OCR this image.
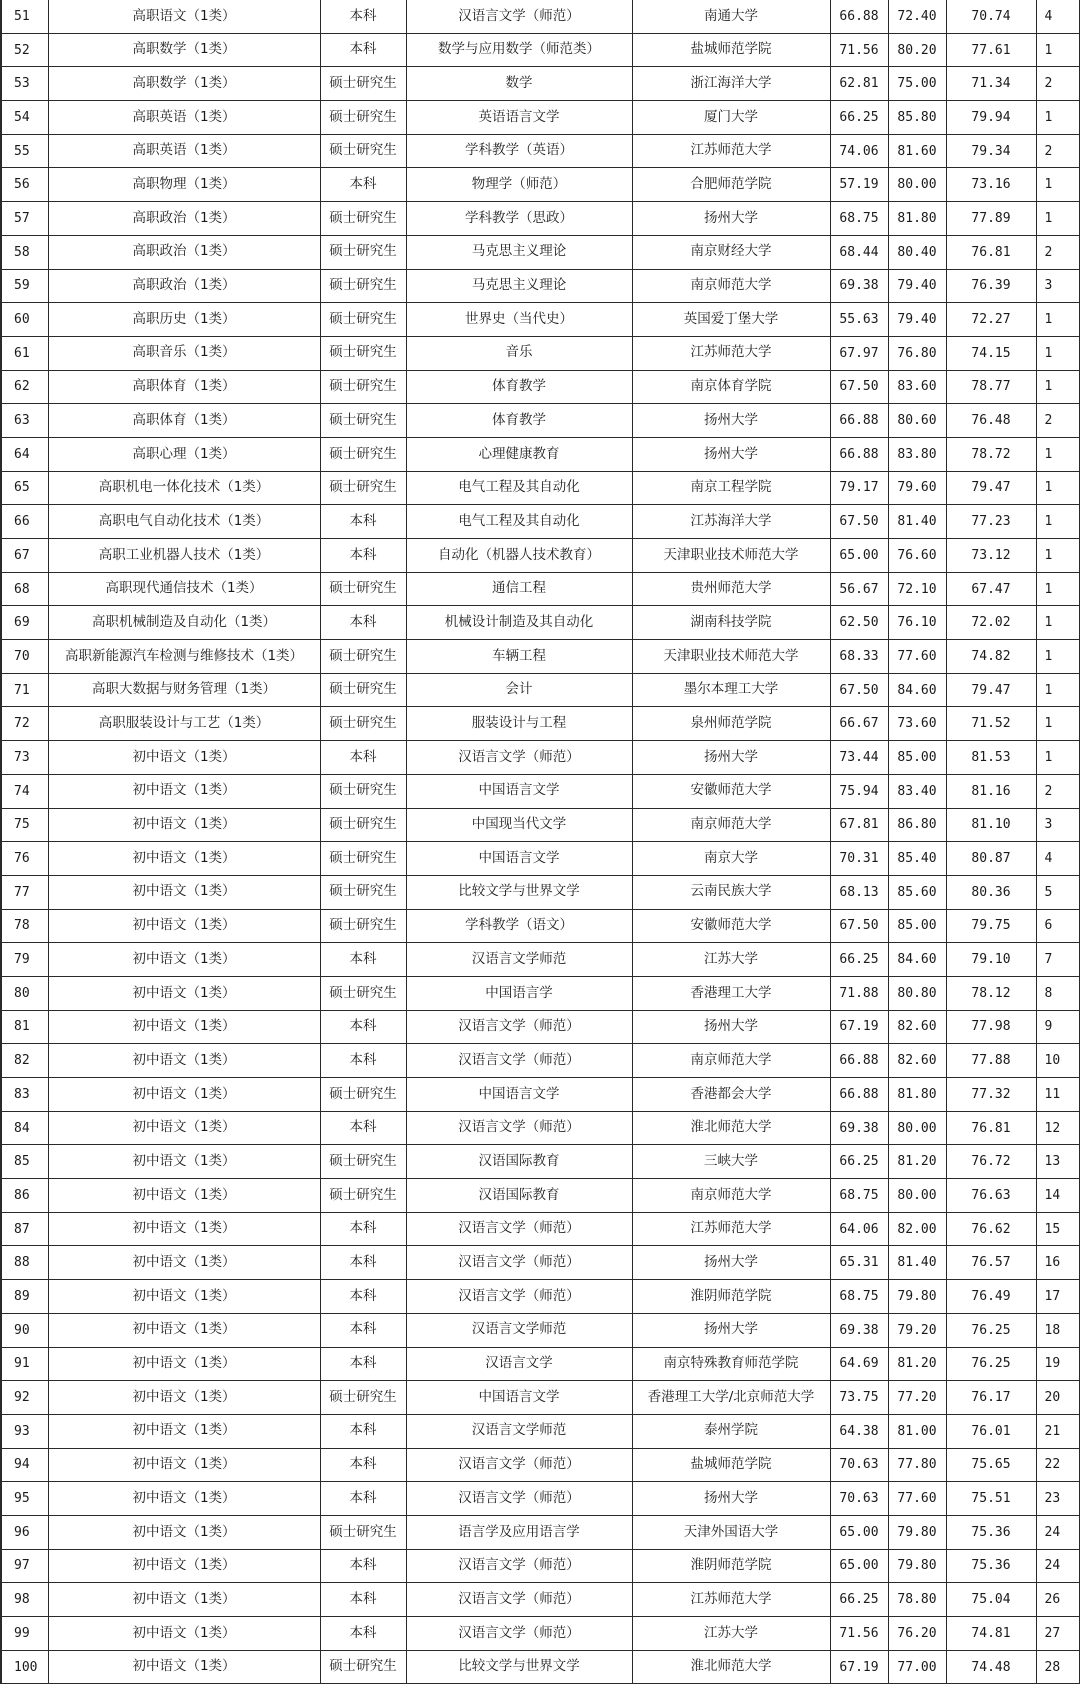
51	高职语文（1类）	本科	汉语言文学（师范）	南通大学	66.88	72.40	70.74	4
52	高职数学（1类）	本科	数学与应用数学（师范类）	盐城师范学院	71.56	80.20	77.61	1
53	高职数学（1类）	硕士研究生	数学	浙江海洋大学	62.81	75.00	71.34	2
54	高职英语（1类）	硕士研究生	英语语言文学	厦门大学	66.25	85.80	79.94	1
55	高职英语（1类）	硕士研究生	学科教学（英语）	江苏师范大学	74.06	81.60	79.34	2
56	高职物理（1类）	本科	物理学（师范）	合肥师范学院	57.19	80.00	73.16	1
57	高职政治（1类）	硕士研究生	学科教学（思政）	扬州大学	68.75	81.80	77.89	1
58	高职政治（1类）	硕士研究生	马克思主义理论	南京财经大学	68.44	80.40	76.81	2
59	高职政治（1类）	硕士研究生	马克思主义理论	南京师范大学	69.38	79.40	76.39	3
60	高职历史（1类）	硕士研究生	世界史（当代史）	英国爱丁堡大学	55.63	79.40	72.27	1
61	高职音乐（1类）	硕士研究生	音乐	江苏师范大学	67.97	76.80	74.15	1
62	高职体育（1类）	硕士研究生	体育教学	南京体育学院	67.50	83.60	78.77	1
63	高职体育（1类）	硕士研究生	体育教学	扬州大学	66.88	80.60	76.48	2
64	高职心理（1类）	硕士研究生	心理健康教育	扬州大学	66.88	83.80	78.72	1
65	高职机电一体化技术（1类）	硕士研究生	电气工程及其自动化	南京工程学院	79.17	79.60	79.47	1
66	高职电气自动化技术（1类）	本科	电气工程及其自动化	江苏海洋大学	67.50	81.40	77.23	1
67	高职工业机器人技术（1类）	本科	自动化（机器人技术教育）	天津职业技术师范大学	65.00	76.60	73.12	1
68	高职现代通信技术（1类）	硕士研究生	通信工程	贵州师范大学	56.67	72.10	67.47	1
69	高职机械制造及自动化（1类）	本科	机械设计制造及其自动化	湖南科技学院	62.50	76.10	72.02	1
70	高职新能源汽车检测与维修技术（1类）	硕士研究生	车辆工程	天津职业技术师范大学	68.33	77.60	74.82	1
71	高职大数据与财务管理（1类）	硕士研究生	会计	墨尔本理工大学	67.50	84.60	79.47	1
72	高职服装设计与工艺（1类）	硕士研究生	服装设计与工程	泉州师范学院	66.67	73.60	71.52	1
73	初中语文（1类）	本科	汉语言文学（师范）	扬州大学	73.44	85.00	81.53	1
74	初中语文（1类）	硕士研究生	中国语言文学	安徽师范大学	75.94	83.40	81.16	2
75	初中语文（1类）	硕士研究生	中国现当代文学	南京师范大学	67.81	86.80	81.10	3
76	初中语文（1类）	硕士研究生	中国语言文学	南京大学	70.31	85.40	80.87	4
77	初中语文（1类）	硕士研究生	比较文学与世界文学	云南民族大学	68.13	85.60	80.36	5
78	初中语文（1类）	硕士研究生	学科教学（语文）	安徽师范大学	67.50	85.00	79.75	6
79	初中语文（1类）	本科	汉语言文学师范	江苏大学	66.25	84.60	79.10	7
80	初中语文（1类）	硕士研究生	中国语言学	香港理工大学	71.88	80.80	78.12	8
81	初中语文（1类）	本科	汉语言文学（师范）	扬州大学	67.19	82.60	77.98	9
82	初中语文（1类）	本科	汉语言文学（师范）	南京师范大学	66.88	82.60	77.88	10
83	初中语文（1类）	硕士研究生	中国语言文学	香港都会大学	66.88	81.80	77.32	11
84	初中语文（1类）	本科	汉语言文学（师范）	淮北师范大学	69.38	80.00	76.81	12
85	初中语文（1类）	硕士研究生	汉语国际教育	三峡大学	66.25	81.20	76.72	13
86	初中语文（1类）	硕士研究生	汉语国际教育	南京师范大学	68.75	80.00	76.63	14
87	初中语文（1类）	本科	汉语言文学（师范）	江苏师范大学	64.06	82.00	76.62	15
88	初中语文（1类）	本科	汉语言文学（师范）	扬州大学	65.31	81.40	76.57	16
89	初中语文（1类）	本科	汉语言文学（师范）	淮阴师范学院	68.75	79.80	76.49	17
90	初中语文（1类）	本科	汉语言文学师范	扬州大学	69.38	79.20	76.25	18
91	初中语文（1类）	本科	汉语言文学	南京特殊教育师范学院	64.69	81.20	76.25	19
92	初中语文（1类）	硕士研究生	中国语言文学	香港理工大学/北京师范大学	73.75	77.20	76.17	20
93	初中语文（1类）	本科	汉语言文学师范	泰州学院	64.38	81.00	76.01	21
94	初中语文（1类）	本科	汉语言文学（师范）	盐城师范学院	70.63	77.80	75.65	22
95	初中语文（1类）	本科	汉语言文学（师范）	扬州大学	70.63	77.60	75.51	23
96	初中语文（1类）	硕士研究生	语言学及应用语言学	天津外国语大学	65.00	79.80	75.36	24
97	初中语文（1类）	本科	汉语言文学（师范）	淮阴师范学院	65.00	79.80	75.36	24
98	初中语文（1类）	本科	汉语言文学（师范）	江苏师范大学	66.25	78.80	75.04	26
99	初中语文（1类）	本科	汉语言文学（师范）	江苏大学	71.56	76.20	74.81	27
100	初中语文（1类）	硕士研究生	比较文学与世界文学	淮北师范大学	67.19	77.00	74.48	28
